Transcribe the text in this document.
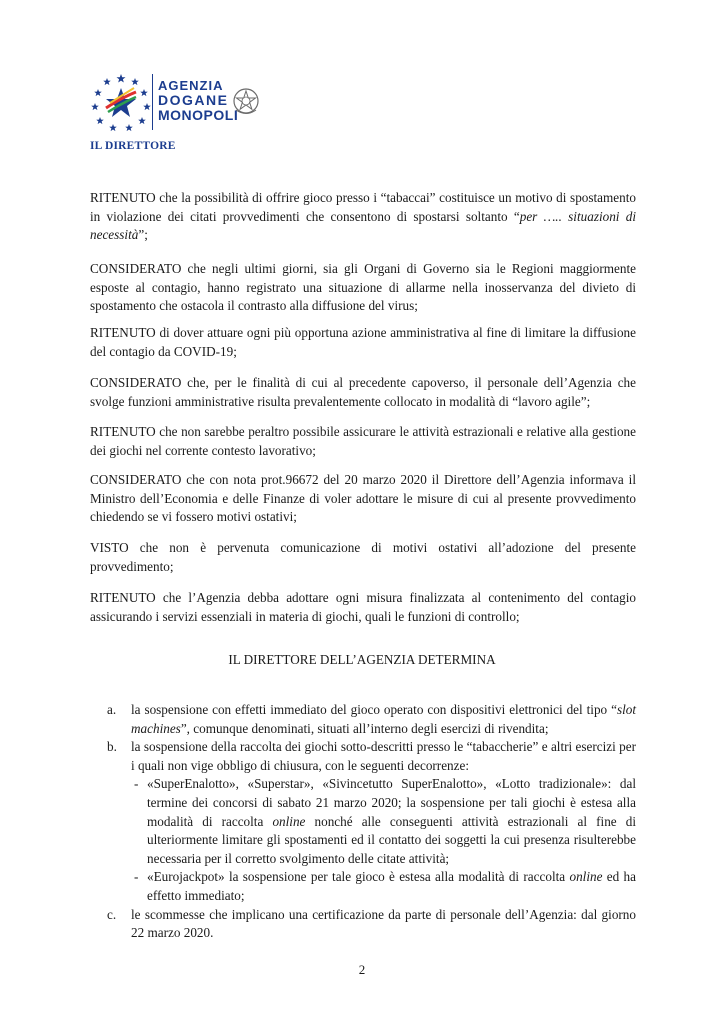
AGENZIA
DOGANE
MONOPOLI
IL DIRETTORE

RITENUTO che la possibilità di offrire gioco presso i “tabaccai” costituisce un motivo di spostamento in violazione dei citati provvedimenti che consentono di spostarsi soltanto “per ….. situazioni di necessità”;

CONSIDERATO che negli ultimi giorni, sia gli Organi di Governo sia le Regioni maggiormente esposte al contagio, hanno registrato una situazione di allarme nella inosservanza del divieto di spostamento che ostacola il contrasto alla diffusione del virus;

RITENUTO di dover attuare ogni più opportuna azione amministrativa al fine di limitare la diffusione del contagio da COVID-19;

CONSIDERATO che, per le finalità di cui al precedente capoverso, il personale dell’Agenzia che svolge funzioni amministrative risulta prevalentemente collocato in modalità di “lavoro agile”;

RITENUTO che non sarebbe peraltro possibile assicurare le attività estrazionali e relative alla gestione dei giochi nel corrente contesto lavorativo;

CONSIDERATO che con nota prot.96672 del 20 marzo 2020 il Direttore dell’Agenzia informava il Ministro dell’Economia e delle Finanze di voler adottare le misure di cui al presente provvedimento chiedendo se vi fossero motivi ostativi;

VISTO che non è pervenuta comunicazione di motivi ostativi all’adozione del presente provvedimento;

RITENUTO che l’Agenzia debba adottare ogni misura finalizzata al contenimento del contagio assicurando i servizi essenziali in materia di giochi, quali le funzioni di controllo;

IL DIRETTORE DELL’AGENZIA DETERMINA
a. la sospensione con effetti immediato del gioco operato con dispositivi elettronici del tipo “slot machines”, comunque denominati, situati all’interno degli esercizi di rivendita;
b. la sospensione della raccolta dei giochi sotto-descritti presso le “tabaccherie” e altri esercizi per i quali non vige obbligo di chiusura, con le seguenti decorrenze:
- «SuperEnalotto», «Superstar», «Sivincetutto SuperEnalotto», «Lotto tradizionale»: dal termine dei concorsi di sabato 21 marzo 2020; la sospensione per tali giochi è estesa alla modalità di raccolta online nonché alle conseguenti attività estrazionali al fine di ulteriormente limitare gli spostamenti ed il contatto dei soggetti la cui presenza risulterebbe necessaria per il corretto svolgimento delle citate attività;
- «Eurojackpot» la sospensione per tale gioco è estesa alla modalità di raccolta online ed ha effetto immediato;
c. le scommesse che implicano una certificazione da parte di personale dell’Agenzia: dal giorno 22 marzo 2020.
2
